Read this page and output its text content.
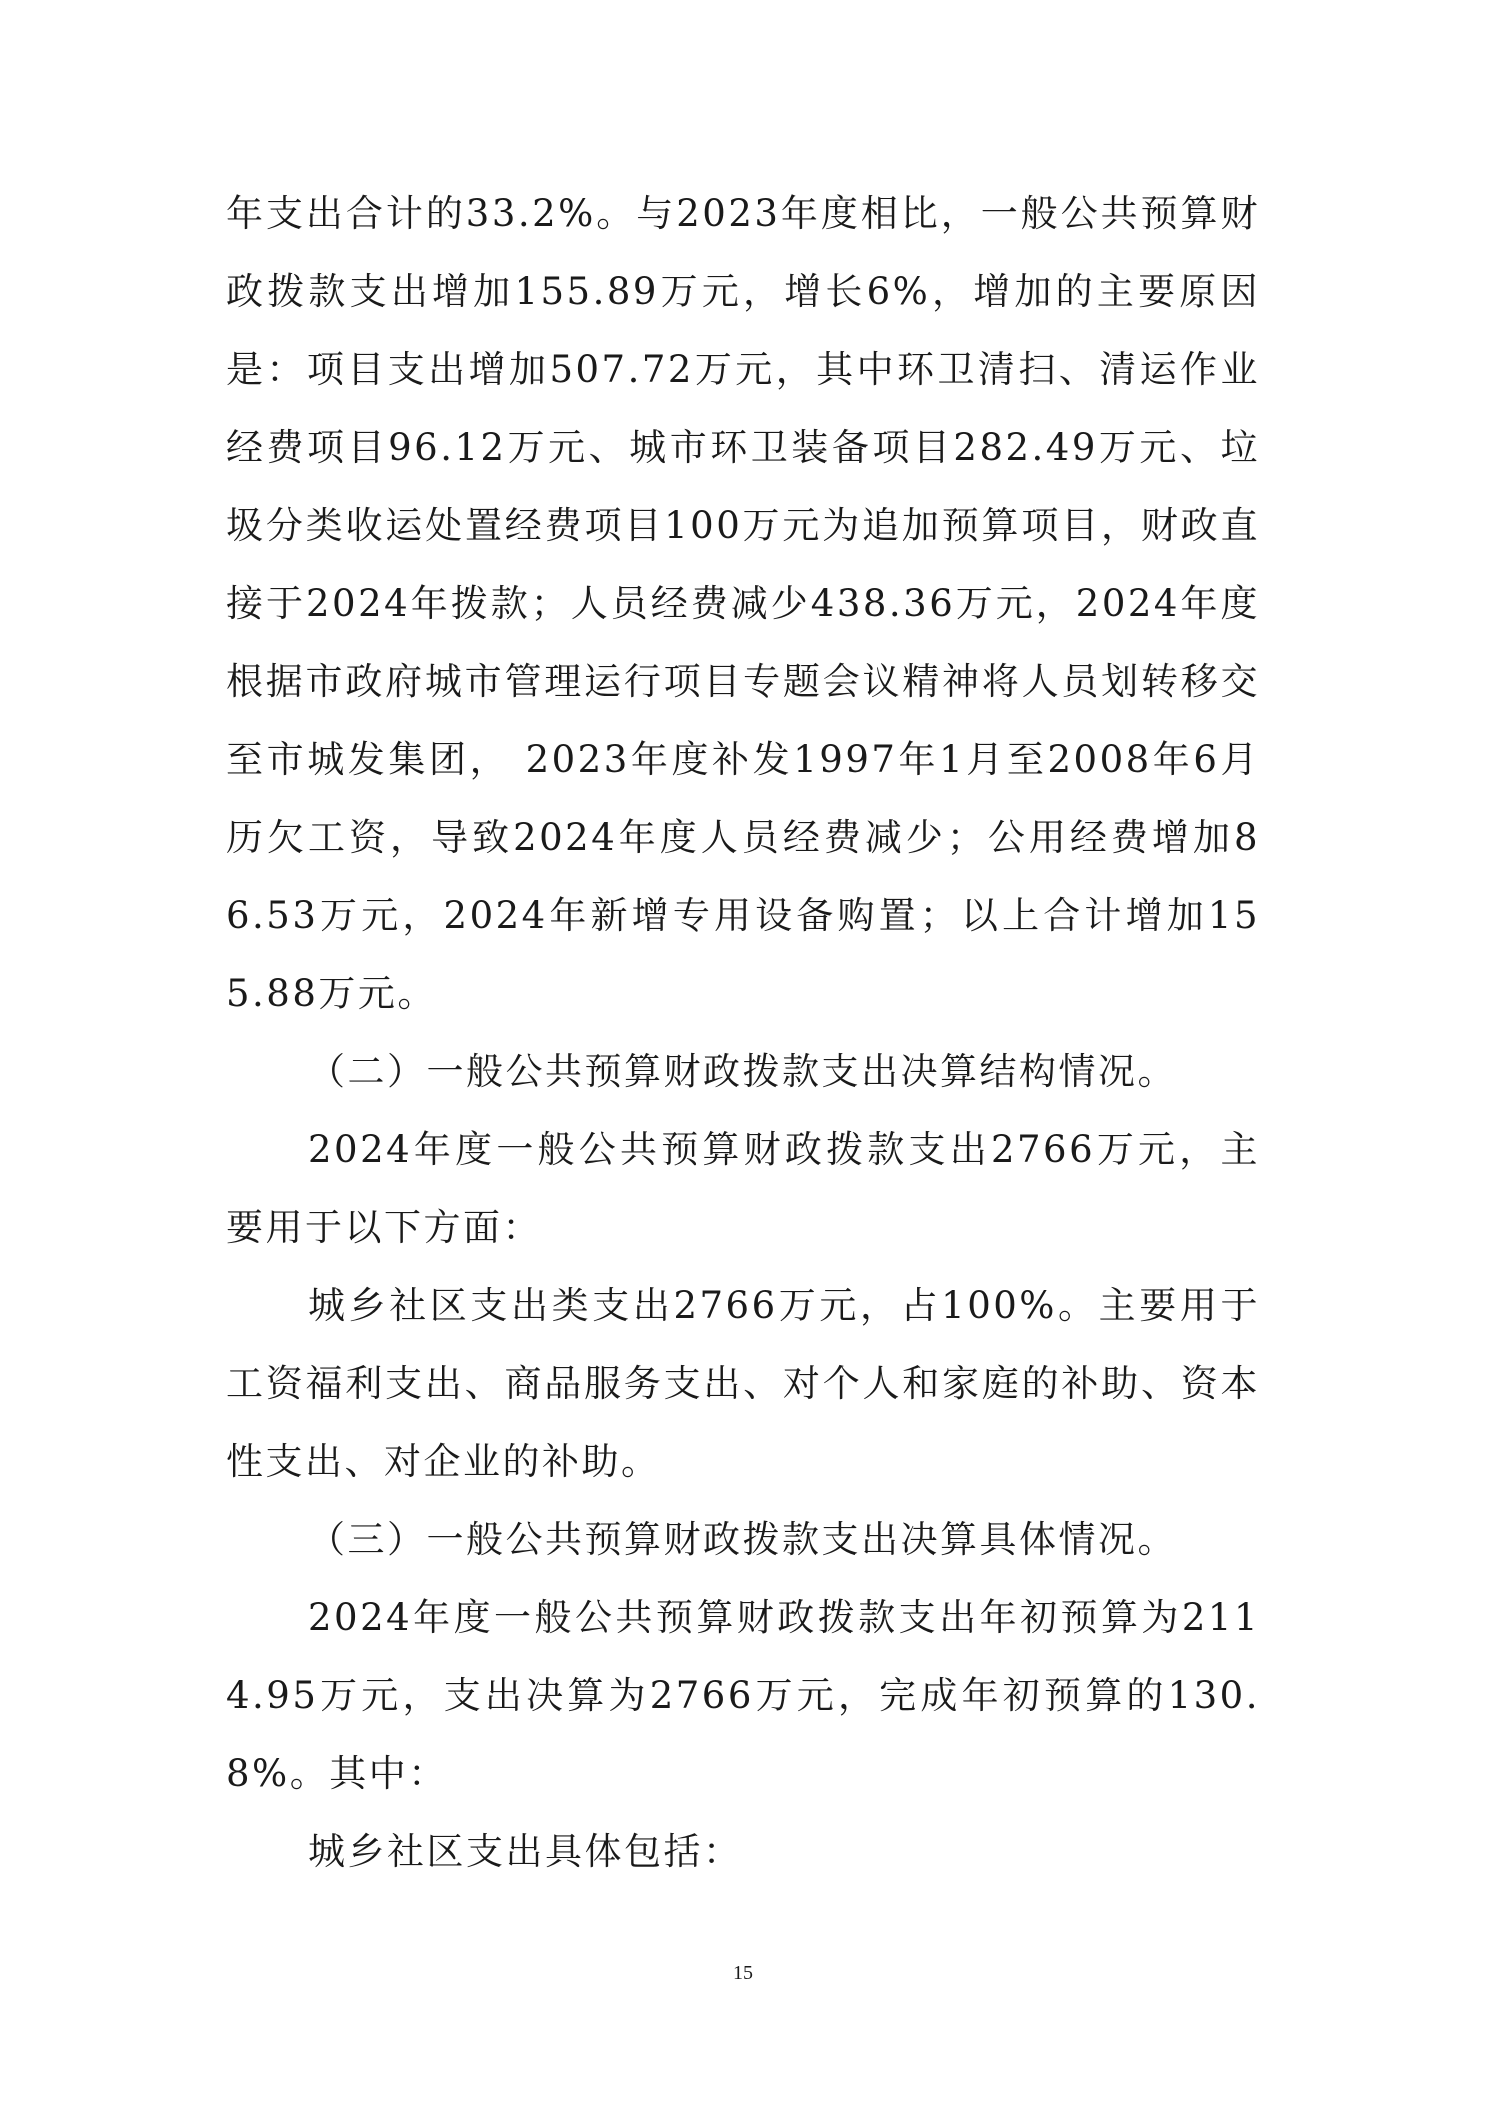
年支出合计的33.2%。与2023年度相比，一般公共预算财政拨款支出增加155.89万元，增长6%，增加的主要原因是：项目支出增加507.72万元，其中环卫清扫、清运作业经费项目96.12万元、城市环卫装备项目282.49万元、垃圾分类收运处置经费项目100万元为追加预算项目，财政直接于2024年拨款；人员经费减少438.36万元，2024年度根据市政府城市管理运行项目专题会议精神将人员划转移交至市城发集团， 2023年度补发1997年1月至2008年6月历欠工资，导致2024年度人员经费减少；公用经费增加86.53万元，2024年新增专用设备购置；以上合计增加155.88万元。

（二）一般公共预算财政拨款支出决算结构情况。

2024年度一般公共预算财政拨款支出2766万元，主要用于以下方面：

城乡社区支出类支出2766万元，占100%。主要用于工资福利支出、商品服务支出、对个人和家庭的补助、资本性支出、对企业的补助。

（三）一般公共预算财政拨款支出决算具体情况。

2024年度一般公共预算财政拨款支出年初预算为2114.95万元，支出决算为2766万元，完成年初预算的130.8%。其中：

城乡社区支出具体包括：

15
